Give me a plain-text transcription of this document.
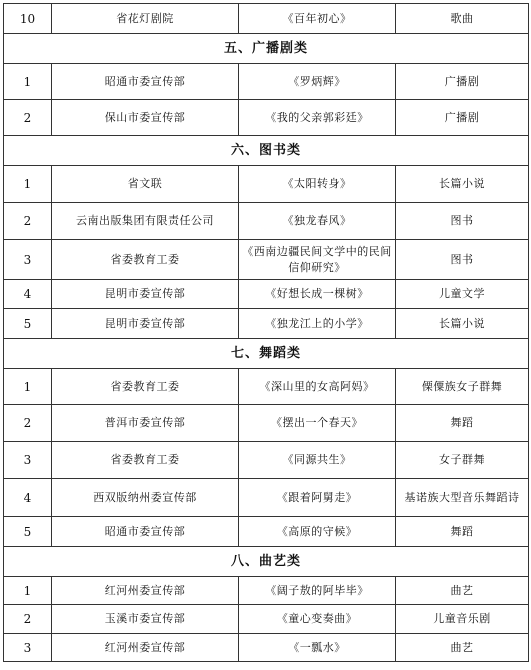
10	省花灯剧院	《百年初心》	歌曲
五、广播剧类			
1	昭通市委宣传部	《罗炳辉》	广播剧
2	保山市委宣传部	《我的父亲郭彩廷》	广播剧
六、图书类			
1	省文联	《太阳转身》	长篇小说
2	云南出版集团有限责任公司	《独龙春风》	图书
3	省委教育工委	《西南边疆民间文学中的民间信仰研究》	图书
4	昆明市委宣传部	《好想长成一棵树》	儿童文学
5	昆明市委宣传部	《独龙江上的小学》	长篇小说
七、舞蹈类			
1	省委教育工委	《深山里的女高阿妈》	傈僳族女子群舞
2	普洱市委宣传部	《摆出一个春天》	舞蹈
3	省委教育工委	《同源共生》	女子群舞
4	西双版纳州委宣传部	《跟着阿舅走》	基诺族大型音乐舞蹈诗
5	昭通市委宣传部	《高原的守候》	舞蹈
八、曲艺类			
1	红河州委宣传部	《阔子敖的阿毕毕》	曲艺
2	玉溪市委宣传部	《童心变奏曲》	儿童音乐剧
3	红河州委宣传部	《一瓢水》	曲艺
